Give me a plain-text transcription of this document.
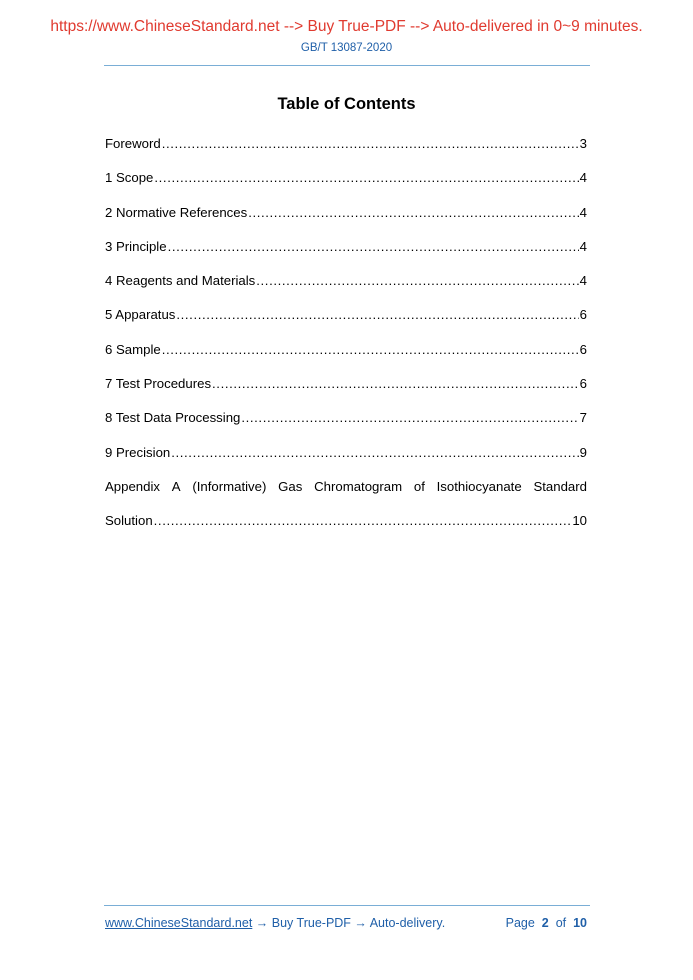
https://www.ChineseStandard.net --> Buy True-PDF --> Auto-delivered in 0~9 minutes.
GB/T 13087-2020
Table of Contents
Foreword .....	3
1 Scope .....	4
2 Normative References .....	4
3 Principle .....	4
4 Reagents and Materials .....	4
5 Apparatus .....	6
6 Sample .....	6
7 Test Procedures .....	6
8 Test Data Processing .....	7
9 Precision .....	9
Appendix A (Informative) Gas Chromatogram of Isothiocyanate Standard
Solution .....	10
www.ChineseStandard.net → Buy True-PDF → Auto-delivery.	Page 2 of 10
